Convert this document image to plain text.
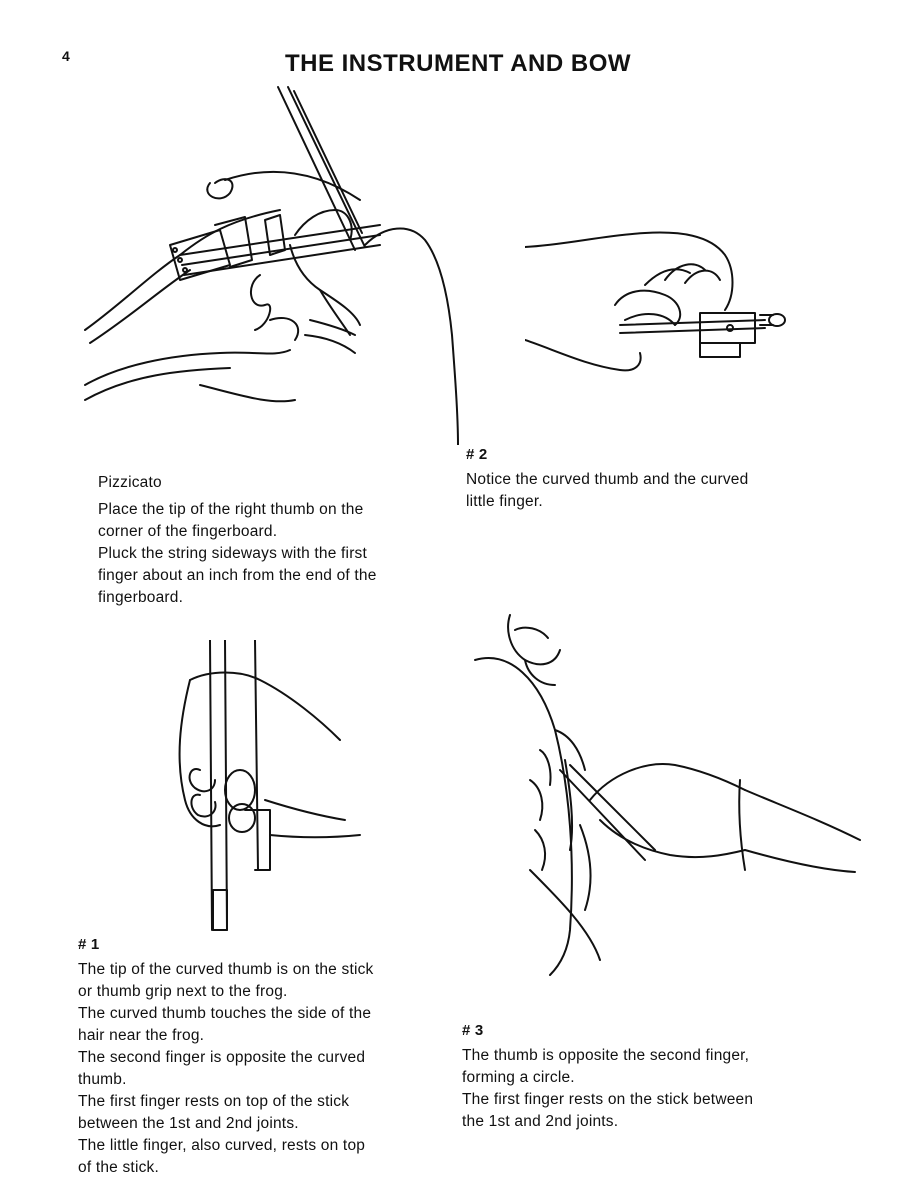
4	THE INSTRUMENT AND BOW

Pizzicato

Place the tip of the right thumb on the

corner of the fingerboard.

Pluck the string sideways with the first

finger about an inch from the end of the

fingerboard.

# 2

Notice the curved thumb and the curved

little finger.

# 1

The tip of the curved thumb is on the stick

or thumb grip next to the frog.

The curved thumb touches the side of the

hair near the frog.

The second finger is opposite the curved

thumb.

The first finger rests on top of the stick

between the 1st and 2nd joints.

The little finger, also curved, rests on top

of the stick.

# 3

The thumb is opposite the second finger,

forming a circle.

The first finger rests on the stick between

the 1st and 2nd joints.
